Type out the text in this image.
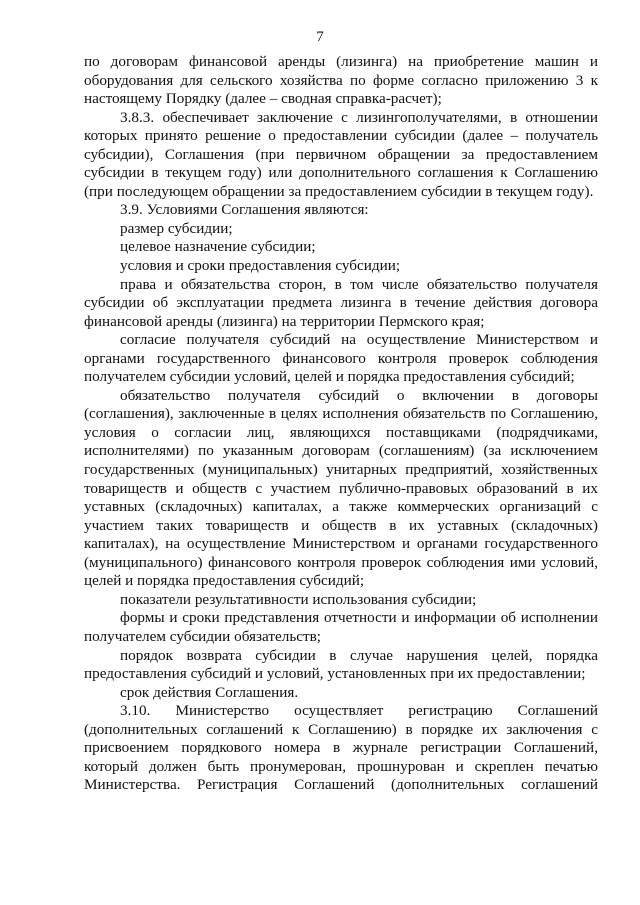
7

по договорам финансовой аренды (лизинга) на приобретение машин и оборудования для сельского хозяйства по форме согласно приложению 3 к настоящему Порядку (далее – сводная справка-расчет);

3.8.3. обеспечивает заключение с лизингополучателями, в отношении которых принято решение о предоставлении субсидии (далее – получатель субсидии), Соглашения (при первичном обращении за предоставлением субсидии в текущем году) или дополнительного соглашения к Соглашению (при последующем обращении за предоставлением субсидии в текущем году).

3.9. Условиями Соглашения являются:

размер субсидии;

целевое назначение субсидии;

условия и сроки предоставления субсидии;

права и обязательства сторон, в том числе обязательство получателя субсидии об эксплуатации предмета лизинга в течение действия договора финансовой аренды (лизинга) на территории Пермского края;

согласие получателя субсидий на осуществление Министерством и органами государственного финансового контроля проверок соблюдения получателем субсидии условий, целей и порядка предоставления субсидий;

обязательство получателя субсидий о включении в договоры (соглашения), заключенные в целях исполнения обязательств по Соглашению, условия о согласии лиц, являющихся поставщиками (подрядчиками, исполнителями) по указанным договорам (соглашениям) (за исключением государственных (муниципальных) унитарных предприятий, хозяйственных товариществ и обществ с участием публично-правовых образований в их уставных (складочных) капиталах, а также коммерческих организаций с участием таких товариществ и обществ в их уставных (складочных) капиталах), на осуществление Министерством и органами государственного (муниципального) финансового контроля проверок соблюдения ими условий, целей и порядка предоставления субсидий;

показатели результативности использования субсидии;

формы и сроки представления отчетности и информации об исполнении получателем субсидии обязательств;

порядок возврата субсидии в случае нарушения целей, порядка предоставления субсидий и условий, установленных при их предоставлении;

срок действия Соглашения.

3.10. Министерство осуществляет регистрацию Соглашений (дополнительных соглашений к Соглашению) в порядке их заключения с присвоением порядкового номера в журнале регистрации Соглашений, который должен быть пронумерован, прошнурован и скреплен печатью Министерства. Регистрация Соглашений (дополнительных соглашений
